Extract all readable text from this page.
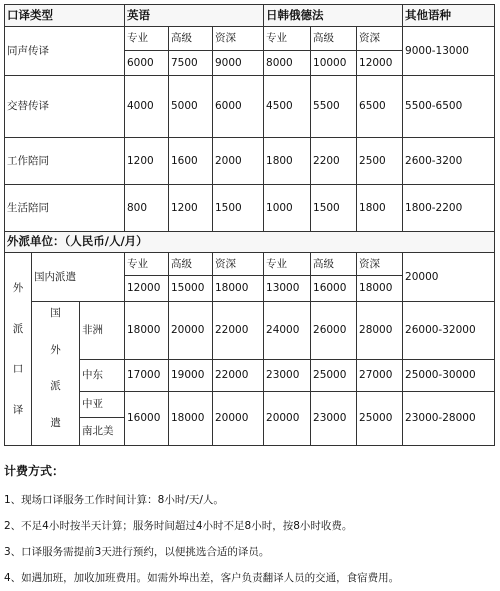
口译类型			英语			日韩俄德法			其他语种
同声传译			专业	高级	资深	专业	高级	资深	9000-13000
			6000	7500	9000	8000	10000	12000	
交替传译			4000	5000	6000	4500	5500	6500	5500-6500
工作陪同			1200	1600	2000	1800	2200	2500	2600-3200
生活陪同			800	1200	1500	1000	1500	1800	1800-2200
外派单位：（人民币/人/月）									

外
派
口
译	国内派遣		专业	高级	资深	专业	高级	资深	20000
			12000	15000	18000	13000	16000	18000	

	国
外
派
遣	非洲	18000	20000	22000	24000	26000	28000	26000-32000
		中东	17000	19000	22000	23000	25000	27000	25000-30000
		中亚	16000	18000	20000	20000	23000	25000	23000-28000
		南北美							
计费方式：
1、现场口译服务工作时间计算：8小时/天/人。
2、不足4小时按半天计算；服务时间超过4小时不足8小时，按8小时收费。
3、口译服务需提前3天进行预约，以便挑选合适的译员。
4、如遇加班，加收加班费用。如需外埠出差，客户负责翻译人员的交通，食宿费用。
